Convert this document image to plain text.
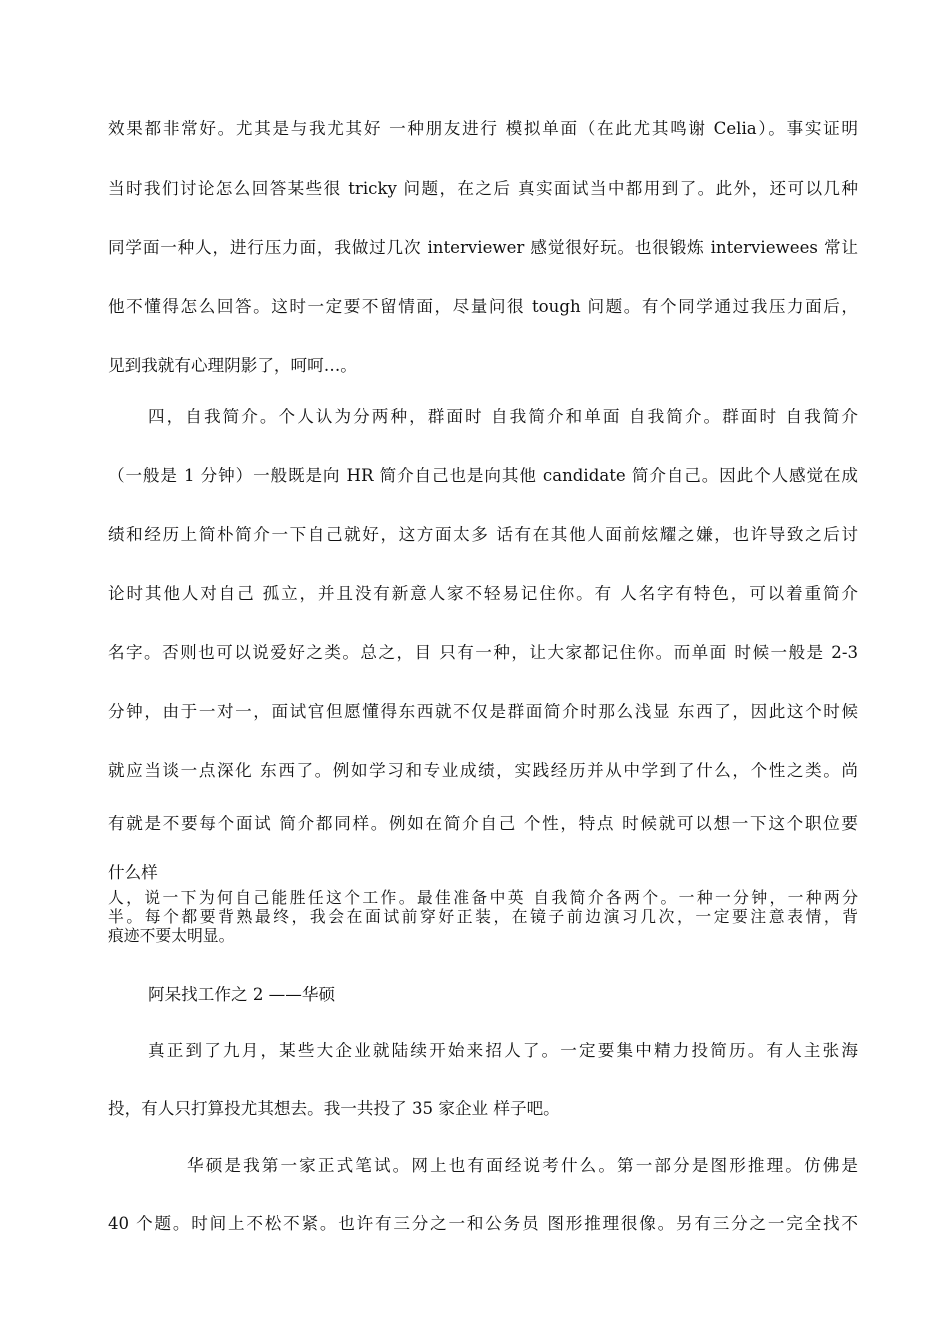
效果都非常好。尤其是与我尤其好 一种朋友进行 模拟单面（在此尤其鸣谢 Celia）。事实证明
当时我们讨论怎么回答某些很 tricky 问题，在之后 真实面试当中都用到了。此外，还可以几种
同学面一种人，进行压力面，我做过几次 interviewer 感觉很好玩。也很锻炼 interviewees 常让
他不懂得怎么回答。这时一定要不留情面，尽量问很 tough 问题。有个同学通过我压力面后，
见到我就有心理阴影了，呵呵…。
四，自我简介。个人认为分两种，群面时 自我简介和单面 自我简介。群面时 自我简介
（一般是 1 分钟）一般既是向 HR 简介自己也是向其他 candidate 简介自己。因此个人感觉在成
绩和经历上简朴简介一下自己就好，这方面太多 话有在其他人面前炫耀之嫌，也许导致之后讨
论时其他人对自己 孤立，并且没有新意人家不轻易记住你。有 人名字有特色，可以着重简介
名字。否则也可以说爱好之类。总之，目 只有一种，让大家都记住你。而单面 时候一般是 2-3
分钟，由于一对一，面试官但愿懂得东西就不仅是群面简介时那么浅显 东西了，因此这个时候
就应当谈一点深化 东西了。例如学习和专业成绩，实践经历并从中学到了什么，个性之类。尚
有就是不要每个面试 简介都同样。例如在简介自己 个性，特点 时候就可以想一下这个职位要
什么样
人，说一下为何自己能胜任这个工作。最佳准备中英 自我简介各两个。一种一分钟，一种两分
半。每个都要背熟最终，我会在面试前穿好正装，在镜子前边演习几次，一定要注意表情，背
痕迹不要太明显。
阿呆找工作之 2 ——华硕
真正到了九月，某些大企业就陆续开始来招人了。一定要集中精力投简历。有人主张海
投，有人只打算投尤其想去。我一共投了 35 家企业 样子吧。
华硕是我第一家正式笔试。网上也有面经说考什么。第一部分是图形推理。仿佛是
40 个题。时间上不松不紧。也许有三分之一和公务员 图形推理很像。另有三分之一完全找不
